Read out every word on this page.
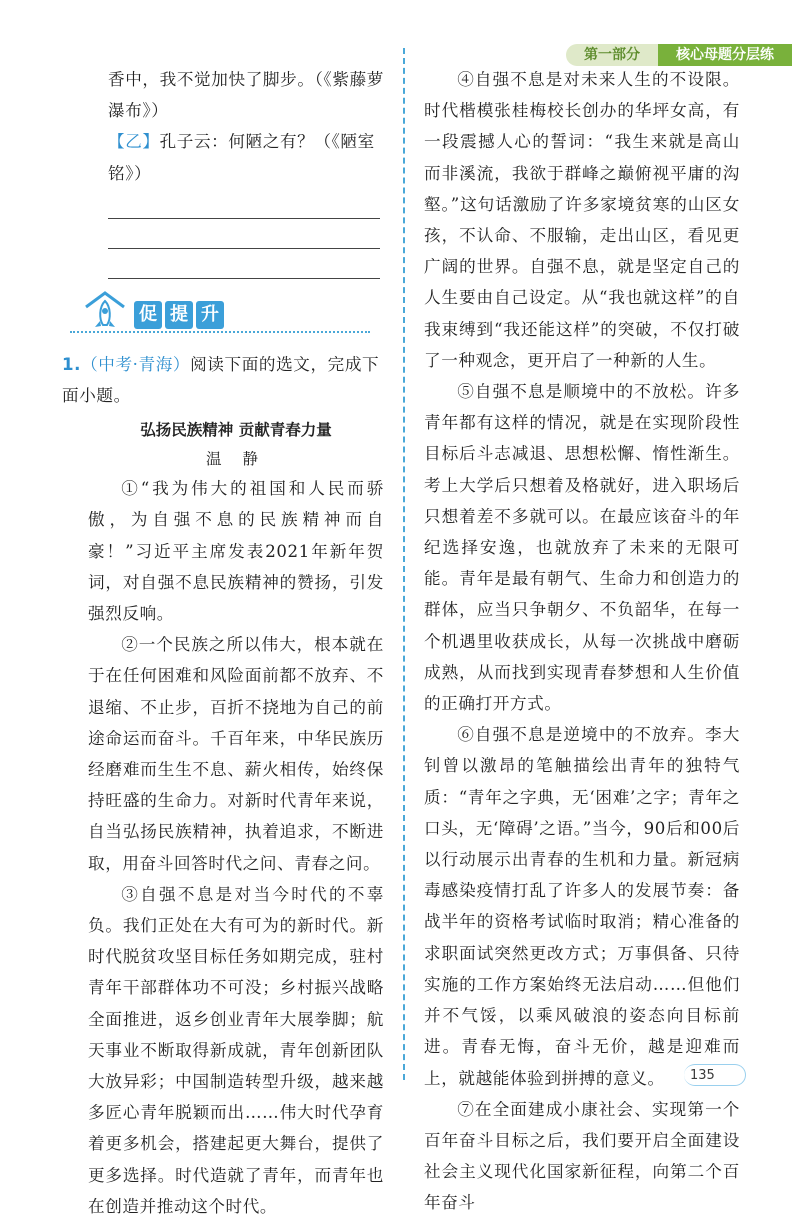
第一部分	核心母题分层练

香中，我不觉加快了脚步。（《紫藤萝瀑布》）

【乙】孔子云：何陋之有？（《陋室铭》）

促 提 升

1.（中考·青海）阅读下面的选文，完成下面小题。

弘扬民族精神 贡献青春力量

温 静

①“我为伟大的祖国和人民而骄傲，为自强不息的民族精神而自豪！”习近平主席发表2021年新年贺词，对自强不息民族精神的赞扬，引发强烈反响。

②一个民族之所以伟大，根本就在于在任何困难和风险面前都不放弃、不退缩、不止步，百折不挠地为自己的前途命运而奋斗。千百年来，中华民族历经磨难而生生不息、薪火相传，始终保持旺盛的生命力。对新时代青年来说，自当弘扬民族精神，执着追求，不断进取，用奋斗回答时代之问、青春之问。

③自强不息是对当今时代的不辜负。我们正处在大有可为的新时代。新时代脱贫攻坚目标任务如期完成，驻村青年干部群体功不可没；乡村振兴战略全面推进，返乡创业青年大展拳脚；航天事业不断取得新成就，青年创新团队大放异彩；中国制造转型升级，越来越多匠心青年脱颖而出……伟大时代孕育着更多机会，搭建起更大舞台，提供了更多选择。时代造就了青年，而青年也在创造并推动这个时代。

④自强不息是对未来人生的不设限。时代楷模张桂梅校长创办的华坪女高，有一段震撼人心的誓词：“我生来就是高山而非溪流，我欲于群峰之巅俯视平庸的沟壑。”这句话激励了许多家境贫寒的山区女孩，不认命、不服输，走出山区，看见更广阔的世界。自强不息，就是坚定自己的人生要由自己设定。从“我也就这样”的自我束缚到“我还能这样”的突破，不仅打破了一种观念，更开启了一种新的人生。

⑤自强不息是顺境中的不放松。许多青年都有这样的情况，就是在实现阶段性目标后斗志减退、思想松懈、惰性渐生。考上大学后只想着及格就好，进入职场后只想着差不多就可以。在最应该奋斗的年纪选择安逸，也就放弃了未来的无限可能。青年是最有朝气、生命力和创造力的群体，应当只争朝夕、不负韶华，在每一个机遇里收获成长，从每一次挑战中磨砺成熟，从而找到实现青春梦想和人生价值的正确打开方式。

⑥自强不息是逆境中的不放弃。李大钊曾以激昂的笔触描绘出青年的独特气质：“青年之字典，无‘困难’之字；青年之口头，无‘障碍’之语。”当今，90后和00后以行动展示出青春的生机和力量。新冠病毒感染疫情打乱了许多人的发展节奏：备战半年的资格考试临时取消；精心准备的求职面试突然更改方式；万事俱备、只待实施的工作方案始终无法启动……但他们并不气馁，以乘风破浪的姿态向目标前进。青春无悔，奋斗无价，越是迎难而上，就越能体验到拼搏的意义。

⑦在全面建成小康社会、实现第一个百年奋斗目标之后，我们要开启全面建设社会主义现代化国家新征程，向第二个百年奋斗

135
